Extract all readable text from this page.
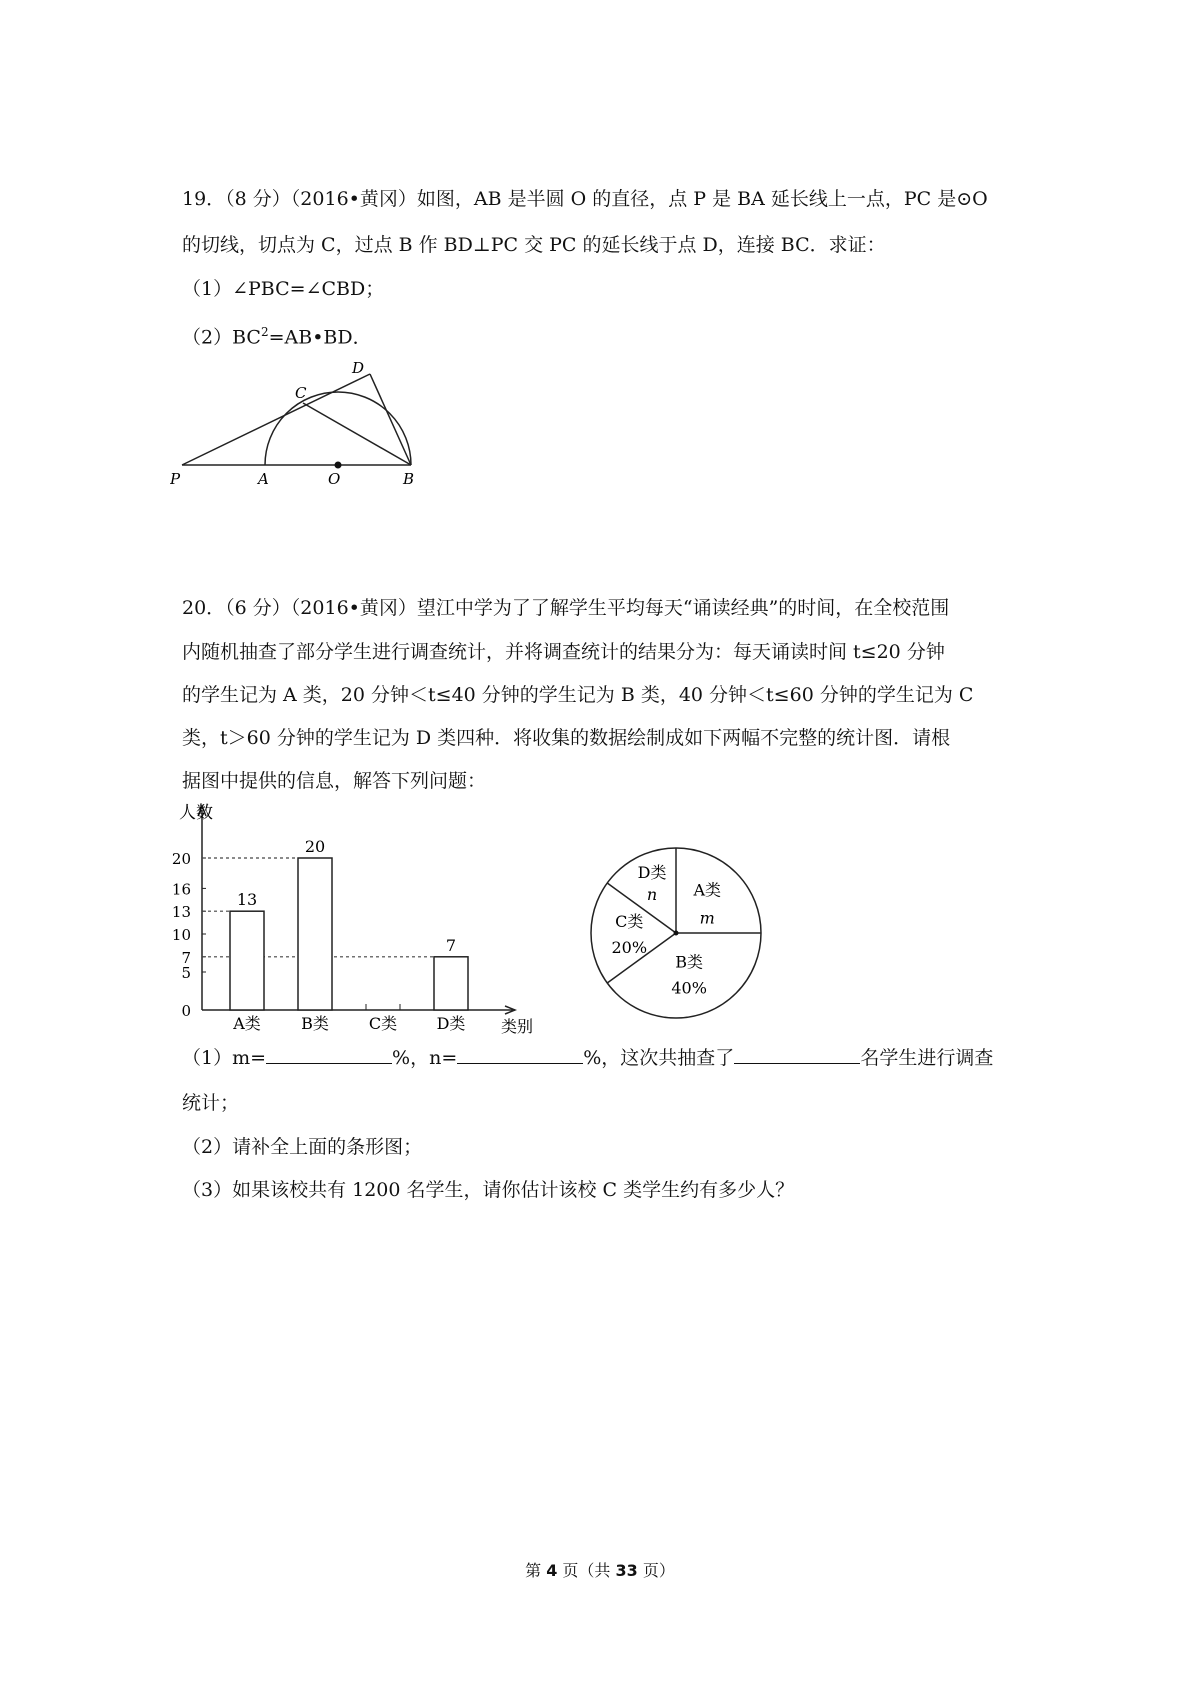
19．（8 分）（2016•黄冈）如图，AB 是半圆 O 的直径，点 P 是 BA 延长线上一点，PC 是⊙O
的切线，切点为 C，过点 B 作 BD⊥PC 交 PC 的延长线于点 D，连接 BC．求证：
（1）∠PBC=∠CBD；
$(2)BC^2=AB•BD$．
P	A	O	B
C
D
20．（6 分）（2016•黄冈）望江中学为了了解学生平均每天“诵读经典”的时间，在全校范围
内随机抽查了部分学生进行调查统计，并将调查统计的结果分为：每天诵读时间 t≤20 分钟
的学生记为 A 类，20 分钟＜t≤40 分钟的学生记为 B 类，40 分钟＜t≤60 分钟的学生记为 C
类，t＞60 分钟的学生记为 D 类四种．将收集的数据绘制成如下两幅不完整的统计图．请根
据图中提供的信息，解答下列问题：
人数
类别
0
5
7
10
13
16
20
13
A类
20
B类 C类
7
D类
A类
m
B类
40%
C类
20%
D类
n
（1）m=	%，n=	%，这次共抽查了	名学生进行调查
统计；
（2）请补全上面的条形图；
（3）如果该校共有 1200 名学生，请你估计该校 C 类学生约有多少人？
第 4 页（共 33 页）
